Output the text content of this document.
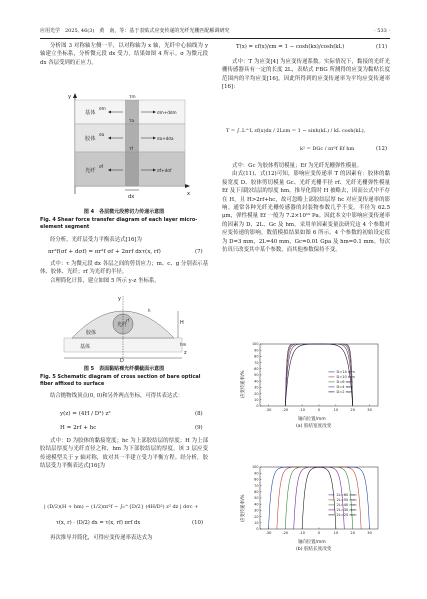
应用光学　2025, 46(3)　黄　南，等：基于表贴式应变传递的光纤光栅匹配解调研究	· 533 ·

分析图 3 对称轴左侧一半，以对称轴为 x 轴，光纤中心轴线为 y 轴建立坐标系，分析微元段 dx 受力，结果如图 4 所示。σ 为微元段 dx 各层受到的正应力。

基体
胶体
光纤
y
x
dx
σm+dσm
σa+dσa
σf+dσf
τa
τf
σm
σa
σf
τm
图 4　各层微元段剪切力传递示意图
Fig. 4 Shear force transfer diagram of each layer micro-element segment

经分析，光纤层受力平衡表达式[16]为

πr²f(σf + dσf) = πr²f σf + 2πrf dxτ(x, rf)	(7)

式中：τ 为微元段 dx 各层之间的剪切应力；m、c、g 分别表示基体、胶体、光纤；rf 为光纤的半径。

合理简化计算，建立如图 5 所示 y-z 坐标系。

y
z
光纤
胶体
基体
H
hm
D
h
rf
图 5　表面黏贴裸光纤横截面示意图
Fig. 5 Schematic diagram of cross section of bare optical fiber affixed to surface

结合抛物线顶点(0, 0)和另外两点坐标，可得其表达式：

y(z) = (4H / D²) z²	(8)
H = 2rf + hc	(9)

式中：D 为胶体的黏接宽度；hc 为上部胶结层的厚度；H 为上部胶结层厚度与光纤直径之和，hm 为下部胶结层的厚度。该 3 层应变传递模型关于 y 轴对称，故对其一半建立受力平衡方程。经分析，胶结层受力平衡表达式[16]为

| (D/2)(H + hm) − (1/2)πr²f − ∫₀^{D/2} (4H/D²) z² dz | dσc +
τ(x, r) · (D/2) dx = τ(x, rf) πrf dx	(10)

再次推导并简化，可得应变传递率表达式为

T(x) = εf(x)/εm = 1 − cosh(kx)/cosh(kL)	(11)

式中：T 为应变[4] 为应变传递系数。实际情况下，黏接的光纤光栅传感器具有一定的长度 2L，表贴式 FBG 所测得的应变为黏贴长度范围内的平均应变[16]，因此所得到的应变传递率为平均应变传递率[16]：

T̄ = ∫₋L^L εf(x)dx / 2Lεm = 1 − sinh(kL) / kL cosh(kL),
k² = DGc / πr²f Ef hm	(12)

式中：Gc 为胶体剪切模量；Ef 为光纤光栅弹性模量。

由式(11)、式(12)可知，影响应变传递率 T 的因素有：胶体的黏接宽度 D、胶体剪切模量 Gc、光纤光栅半径 rf、光纤光栅弹性模量 Ef 及下部胶结层的厚度 hm。推导化简时 H 被略去，因而公式中不存在 H，且 H>2rf+hc，故可忽略上部胶结层厚 hc 对应变传递率的影响。通常各种光纤光栅传感器的封装物参数几乎不变，半径为 62.5 μm，弹性模量 Ef 一般为 7.2×10¹⁰ Pa。因此本文中影响应变传递率的因素为 D、2L、Gc 及 hm。采用单因素变量法研究这 4 个参数对应变传递的影响。数值模拟结果如图 6 所示。4 个参数的初始设定值为 D=3 mm，2L=40 mm，Gc=0.01 Gpa 及 hm=0.1 mm。每次仿真只改变其中某个参数，而其他参数保持不变。

应变传递率/%
-30	-20	-10	0	10	20	30
0
10
20
30
40
50
60
70
80
90
100
D=14 mm
D=10 mm
D=6 mm
D=4 mm
D=2 mm
轴向位置/mm
(a) 胶结宽度改变
应变传递率/%
-30	-20	-10	0	10	20	30
0
10
20
30
40
50
60
70
80
90
100
2L=60 mm
2L=50 mm
2L=40 mm
2L=30 mm
2L=20 mm
轴向位置/mm
(b) 胶结长度改变
